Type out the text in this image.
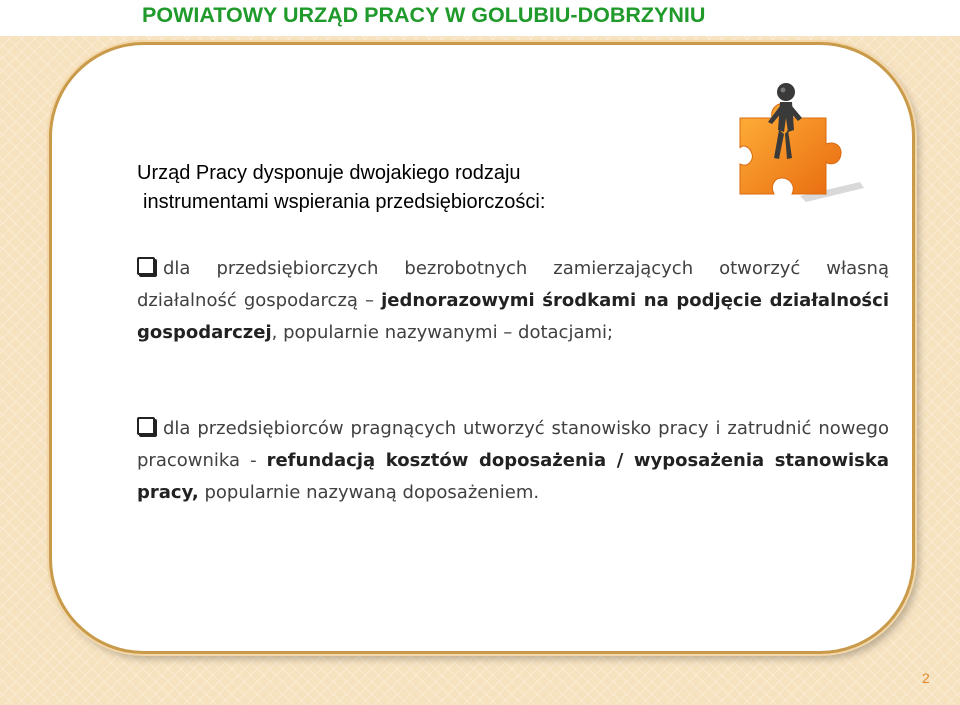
POWIATOWY URZĄD PRACY W GOLUBIU-DOBRZYNIU
Urząd Pracy dysponuje dwojakiego rodzaju
instrumentami wspierania przedsiębiorczości:

dla przedsiębiorczych bezrobotnych zamierzających otworzyć własną działalność gospodarczą – jednorazowymi środkami na podjęcie działalności gospodarczej, popularnie nazywanymi – dotacjami;

dla przedsiębiorców pragnących utworzyć stanowisko pracy i zatrudnić nowego pracownika - refundacją kosztów doposażenia / wyposażenia stanowiska pracy, popularnie nazywaną doposażeniem.

2
